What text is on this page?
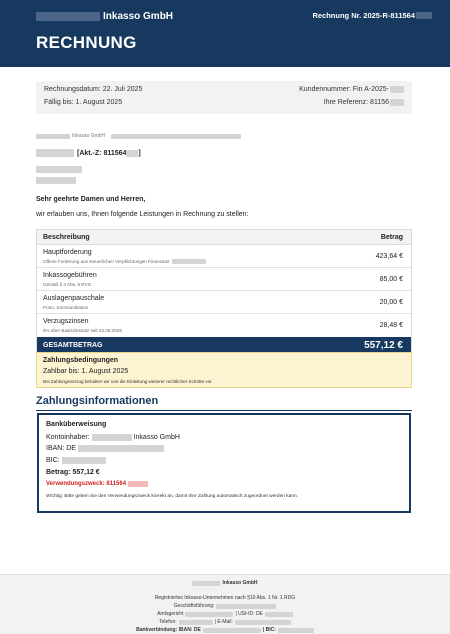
Inkasso GmbH
RECHNUNG
Rechnung Nr. 2025-R-811564
Rechnungsdatum: 22. Juli 2025
Fällig bis: 1. August 2025
Kundennummer: Fin A-2025-
Ihre Referenz: 81156
Inkasso GmbH
[Akt.-Z: 811564 ]
Sehr geehrte Damen und Herren,
wir erlauben uns, Ihnen folgende Leistungen in Rechnung zu stellen:
Beschreibung	Betrag
Hauptforderung
Offene Forderung aus steuerlichen Verpflichtungen Finanzamt
423,64 €
Inkassogebühren
Gemäß § 4 Abs. 5 RVG
85,00 €
Auslagenpauschale
Porto, Kommunikation
20,00 €
Verzugszinsen
5% über Basiszinssatz seit 22.05.2025
28,48 €
GESAMTBETRAG	557,12 €
Zahlungsbedingungen
Zahlbar bis: 1. August 2025
Bei Zahlungsverzug behalten wir uns die Einleitung weiterer rechtlicher Schritte vor.
Zahlungsinformationen
Banküberweisung
Kontoinhaber:	Inkasso GmbH
IBAN: DE
BIC:
Betrag: 557,12 €
Verwendungszweck: 811564
Wichtig: Bitte geben Sie den Verwendungszweck korrekt an, damit Ihre Zahlung automatisch zugeordnet werden kann.
Inkasso GmbH
Registriertes Inkasso-Unternehmen nach §10 Abs. 1 Nr. 1 RDG
Geschäftsführung:
Amtsgericht	| USt-ID: DE
Telefon:	| E-Mail:
Bankverbindung: IBAN: DE	| BIC:
